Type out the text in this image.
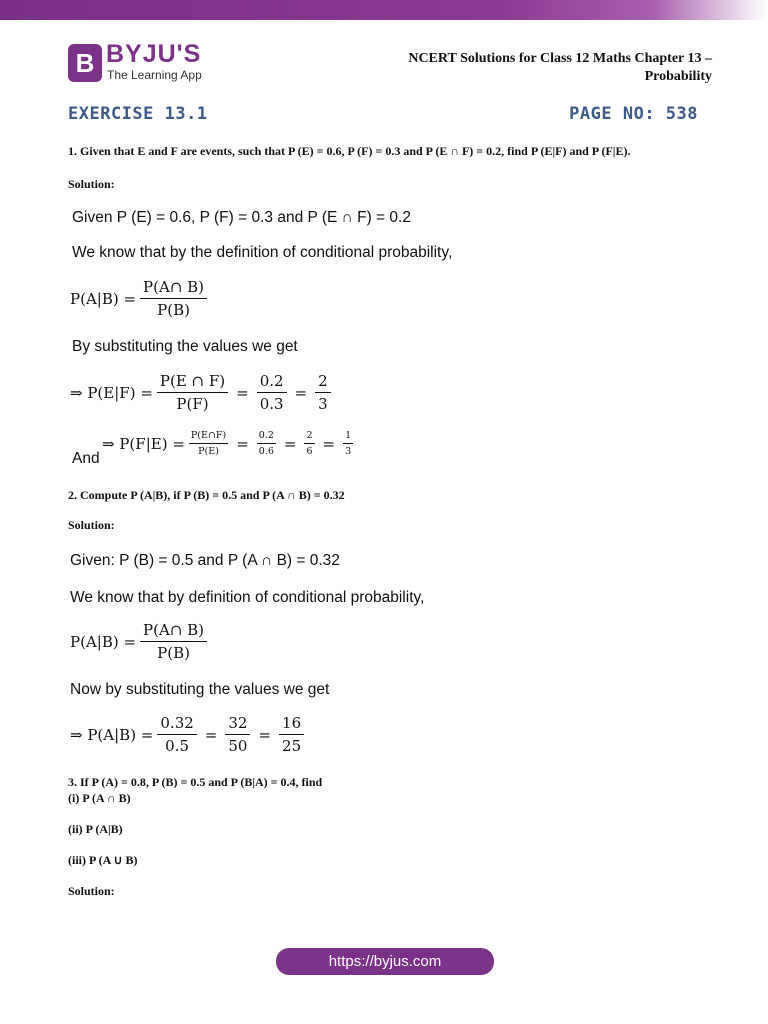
B BYJU'S
The Learning App
NCERT Solutions for Class 12 Maths Chapter 13 –
Probability
EXERCISE 13.1	PAGE NO: 538
1. Given that E and F are events, such that P (E) = 0.6, P (F) = 0.3 and P (E ∩ F) = 0.2, find P (E|F) and P (F|E).
Solution:
Given P (E) = 0.6, P (F) = 0.3 and P (E ∩ F) = 0.2
We know that by the definition of conditional probability,
$P(A|B) = \frac{P(A\cap B)}{P(B)}$
By substituting the values we get
⇒ $P(E|F) = \frac{P(E \cap F)}{P(F)} = \frac{0.2}{0.3} = \frac{2}{3}$
And
⇒ $P(F|E) = \frac{P(E\cap F)}{P(E)} = \frac{0.2}{0.6} = \frac{2}{6} = \frac{1}{3}$
2. Compute P (A|B), if P (B) = 0.5 and P (A ∩ B) = 0.32
Solution:
Given: P (B) = 0.5 and P (A ∩ B) = 0.32
We know that by definition of conditional probability,
$P(A|B) = \frac{P(A\cap B)}{P(B)}$
Now by substituting the values we get
⇒ $P(A|B) = \frac{0.32}{0.5} = \frac{32}{50} = \frac{16}{25}$
3. If P (A) = 0.8, P (B) = 0.5 and P (B|A) = 0.4, find
(i) P (A ∩ B)
(ii) P (A|B)
(iii) P (A ∪ B)
Solution:
https://byjus.com
